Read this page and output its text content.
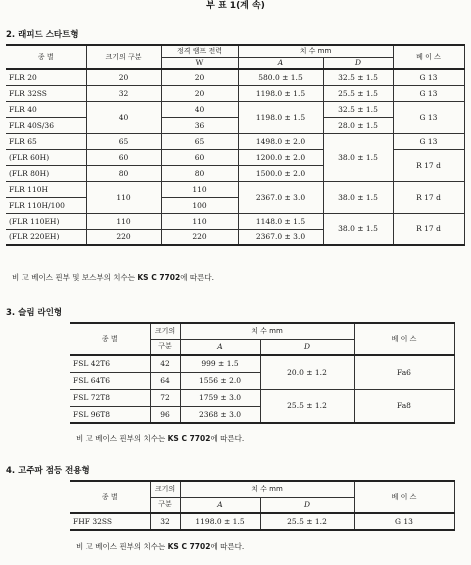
부 표 1(계 속)
2. 래피드 스타트형
종 별	크기의 구분	정격 램프 전력	치 수 mm		베 이 스
		W	A	D	
FLR 20	20	20	580.0 ± 1.5	32.5 ± 1.5	G 13
FLR 32SS	32	20	1198.0 ± 1.5	25.5 ± 1.5	G 13
FLR 40	40	40	1198.0 ± 1.5	32.5 ± 1.5	G 13
FLR 40S/36		36		28.0 ± 1.5	
FLR 65	65	65	1498.0 ± 2.0	38.0 ± 1.5	G 13
(FLR 60H)	60	60	1200.0 ± 2.0		R 17 d
(FLR 80H)	80	80	1500.0 ± 2.0		
FLR 110H	110	110	2367.0 ± 3.0	38.0 ± 1.5	R 17 d
FLR 110H/100		100			
(FLR 110EH)	110	110	1148.0 ± 1.5	38.0 ± 1.5	R 17 d
(FLR 220EH)	220	220	2367.0 ± 3.0		
비 고 베이스 핀부 및 보스부의 치수는 KS C 7702에 따른다.
3. 슬림 라인형
종 별	크기의	치 수 mm		베 이 스
	구분	A	D	
FSL 42T6	42	999 ± 1.5	20.0 ± 1.2	Fa6
FSL 64T6	64	1556 ± 2.0		
FSL 72T8	72	1759 ± 3.0	25.5 ± 1.2	Fa8
FSL 96T8	96	2368 ± 3.0		
비 고 베이스 핀부의 치수는 KS C 7702에 따른다.
4. 고주파 점등 전용형
종 별	크기의	치 수 mm		베 이 스
	구분	A	D	
FHF 32SS	32	1198.0 ± 1.5	25.5 ± 1.2	G 13
비 고 베이스 핀부의 치수는 KS C 7702에 따른다.
